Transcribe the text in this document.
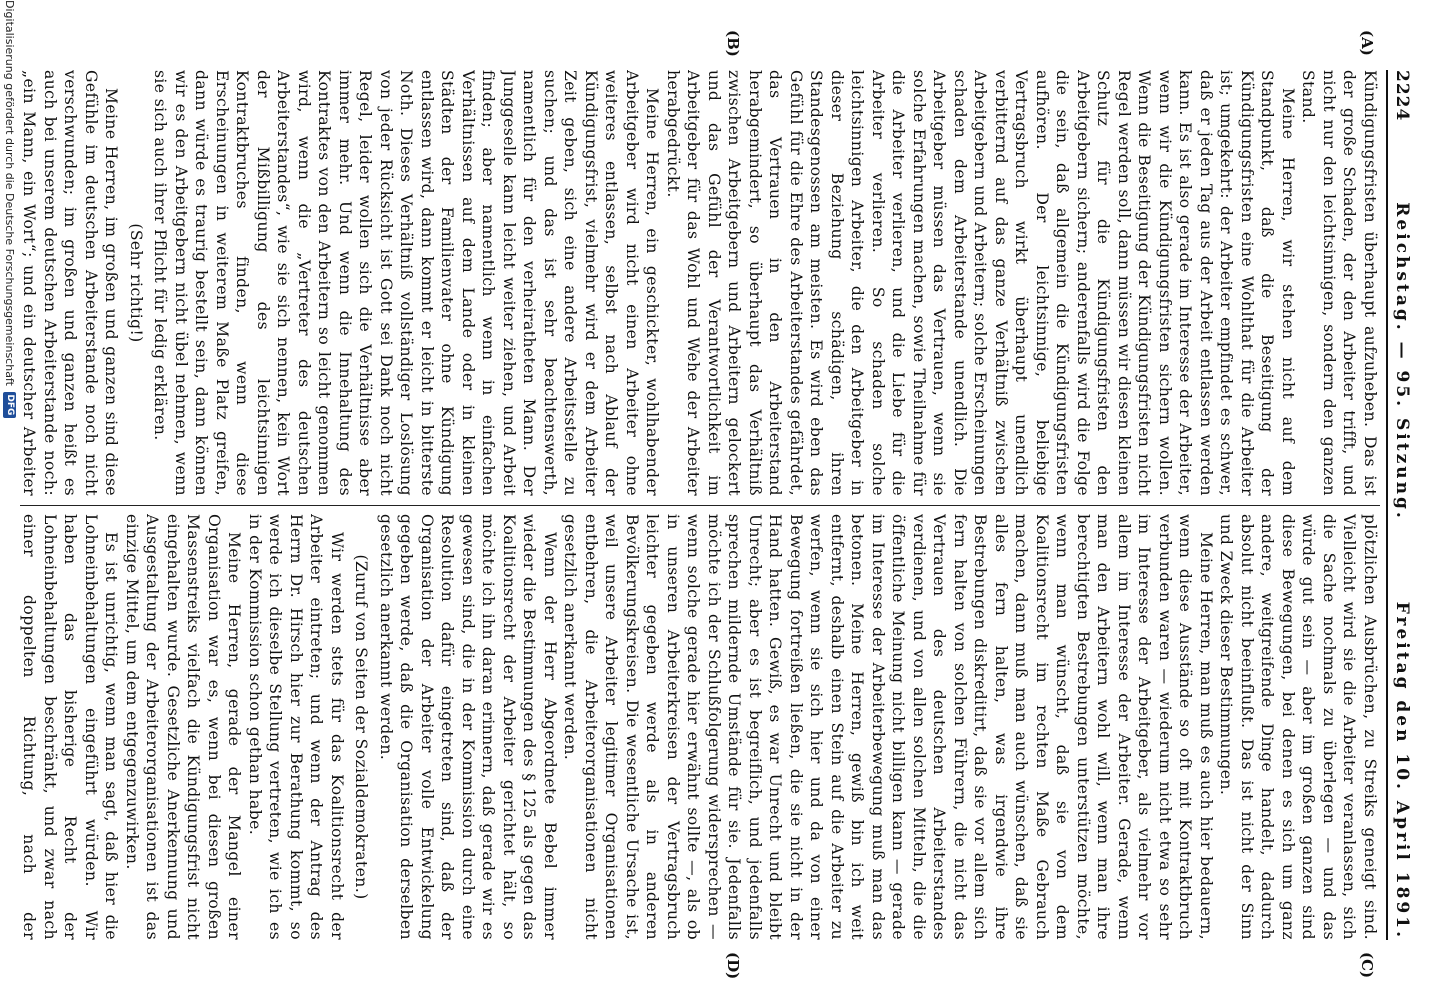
2224
Reichstag. — 95. Sitzung.
Freitag den 10. April 1891.
(A)
(B)
(C)
(D)

Kündigungsfristen überhaupt aufzuheben. Das ist der große Schaden, der den Arbeiter trifft, und nicht nur den leichtsinnigen, sondern den ganzen Stand.

Meine Herren, wir stehen nicht auf dem Standpunkt, daß die Beseitigung der Kündigungsfristen eine Wohlthat für die Arbeiter ist; umgekehrt: der Arbeiter empfindet es schwer, daß er jeden Tag aus der Arbeit entlassen werden kann. Es ist also gerade im Interesse der Arbeiter, wenn wir die Kündigungsfristen sichern wollen. Wenn die Beseitigung der Kündigungsfristen nicht Regel werden soll, dann müssen wir diesen kleinen Schutz für die Kündigungsfristen den Arbeitgebern sichern; anderenfalls wird die Folge die sein, daß allgemein die Kündigungsfristen aufhören. Der leichtsinnige, beliebige Vertragsbruch wirkt überhaupt unendlich verbitternd auf das ganze Verhältniß zwischen Arbeitgebern und Arbeitern; solche Erscheinungen schaden dem Arbeiterstande unendlich. Die Arbeitgeber müssen das Vertrauen, wenn sie solche Erfahrungen machen, sowie Theilnahme für die Arbeiter verlieren, und die Liebe für die Arbeiter verlieren. So schaden solche leichtsinnigen Arbeiter, die den Arbeitgeber in dieser Beziehung schädigen, ihren Standesgenossen am meisten. Es wird eben das Gefühl für die Ehre des Arbeiterstandes gefährdet, das Vertrauen in den Arbeiterstand herabgemindert, so überhaupt das Verhältniß zwischen Arbeitgebern und Arbeitern gelockert und das Gefühl der Verantwortlichkeit im Arbeitgeber für das Wohl und Wehe der Arbeiter herabgedrückt.

Meine Herren, ein geschickter, wohlhabender Arbeitgeber wird nicht einen Arbeiter ohne weiteres entlassen, selbst nach Ablauf der Kündigungsfrist, vielmehr wird er dem Arbeiter Zeit geben, sich eine andere Arbeitsstelle zu suchen; und das ist sehr beachtenswerth, namentlich für den verheiratheten Mann. Der Junggeselle kann leicht weiter ziehen, und Arbeit finden; aber namentlich wenn in einfachen Verhältnissen auf dem Lande oder in kleinen Städten der Familienvater ohne Kündigung entlassen wird, dann kommt er leicht in bitterste Noth. Dieses Verhältniß vollständiger Loslösung von jeder Rücksicht ist Gott sei Dank noch nicht Regel, leider wollen sich die Verhältnisse aber immer mehr. Und wenn die Innehaltung des Kontraktes von den Arbeitern so leicht genommen wird, wenn die „Vertreter des deutschen Arbeiterstandes“, wie sie sich nennen, kein Wort der Mißbilligung des leichtsinnigen Kontraktbruches finden, wenn diese Erscheinungen in weiterem Maße Platz greifen, dann würde es traurig bestellt sein, dann können wir es den Arbeitgebern nicht übel nehmen, wenn sie sich auch ihrer Pflicht für ledig erklären.

(Sehr richtig!)

Meine Herren, im großen und ganzen sind diese Gefühle im deutschen Arbeiterstande noch nicht verschwunden; im großen und ganzen heißt es auch bei unserem deutschen Arbeiterstande noch: „ein Mann, ein Wort“; und ein deutscher Arbeiter

plötzlichen Ausbrüchen, zu Streiks geneigt sind. Vielleicht wird sie die Arbeiter veranlassen, sich die Sache nochmals zu überlegen — und das würde gut sein — aber im großen ganzen sind diese Bewegungen, bei denen es sich um ganz andere, weitgreifende Dinge handelt, dadurch absolut nicht beeinflußt. Das ist nicht der Sinn und Zweck dieser Bestimmungen.

Meine Herren, man muß es auch hier bedauern, wenn diese Ausstände so oft mit Kontraktbruch verbunden waren — wiederum nicht etwa so sehr im Interesse der Arbeitgeber, als vielmehr vor allem im Interesse der Arbeiter. Gerade, wenn man den Arbeitern wohl will, wenn man ihre berechtigten Bestrebungen unterstützen möchte, wenn man wünscht, daß sie von dem Koalitionsrecht im rechten Maße Gebrauch machen, dann muß man auch wünschen, daß sie alles fern halten, was irgendwie ihre Bestrebungen diskreditirt, daß sie vor allem sich fern halten von solchen Führern, die nicht das Vertrauen des deutschen Arbeiterstandes verdienen, und von allen solchen Mitteln, die die öffentliche Meinung nicht billigen kann — gerade im Interesse der Arbeiterbewegung muß man das betonen. Meine Herren, gewiß bin ich weit entfernt, deshalb einen Stein auf die Arbeiter zu werfen, wenn sie sich hier und da von einer Bewegung fortreißen ließen, die sie nicht in der Hand hatten. Gewiß, es war Unrecht und bleibt Unrecht; aber es ist begreiflich, und jedenfalls sprechen mildernde Umstände für sie. Jedenfalls möchte ich der Schlußfolgerung widersprechen — wenn solche gerade hier erwähnt sollte —, als ob in unseren Arbeiterkreisen der Vertragsbruch leichter gegeben werde als in anderen Bevölkerungskreisen. Die wesentliche Ursache ist, weil unsere Arbeiter legitimer Organisationen entbehren, die Arbeiterorganisationen nicht gesetzlich anerkannt werden.

Wenn der Herr Abgeordnete Bebel immer wieder die Bestimmungen des § 125 als gegen das Koalitionsrecht der Arbeiter gerichtet hält, so möchte ich ihn daran erinnern, daß gerade wir es gewesen sind, die in der Kommission durch eine Resolution dafür eingetreten sind, daß der Organisation der Arbeiter volle Entwickelung gegeben werde, daß die Organisation derselben gesetzlich anerkannt werden.

(Zuruf von Seiten der Sozialdemokraten.)

Wir werden stets für das Koalitionsrecht der Arbeiter eintreten; und wenn der Antrag des Herrn Dr. Hirsch hier zur Berathung kommt, so werde ich dieselbe Stellung vertreten, wie ich es in der Kommission schon gethan habe.

Meine Herren, gerade der Mangel einer Organisation war es, wenn bei diesen großen Massenstreiks vielfach die Kündigungsfrist nicht eingehalten wurde. Gesetzliche Anerkennung und Ausgestaltung der Arbeiterorganisationen ist das einzige Mittel, um dem entgegenzuwirken.

Es ist unrichtig, wenn man sagt, daß hier die Lohneinbehaltungen eingeführt würden. Wir haben das bisherige Recht der Lohneinbehaltungen beschränkt, und zwar nach einer doppelten Richtung, nach der

Digitalisierung gefördert durch die Deutsche Forschungsgemeinschaft
DFG
